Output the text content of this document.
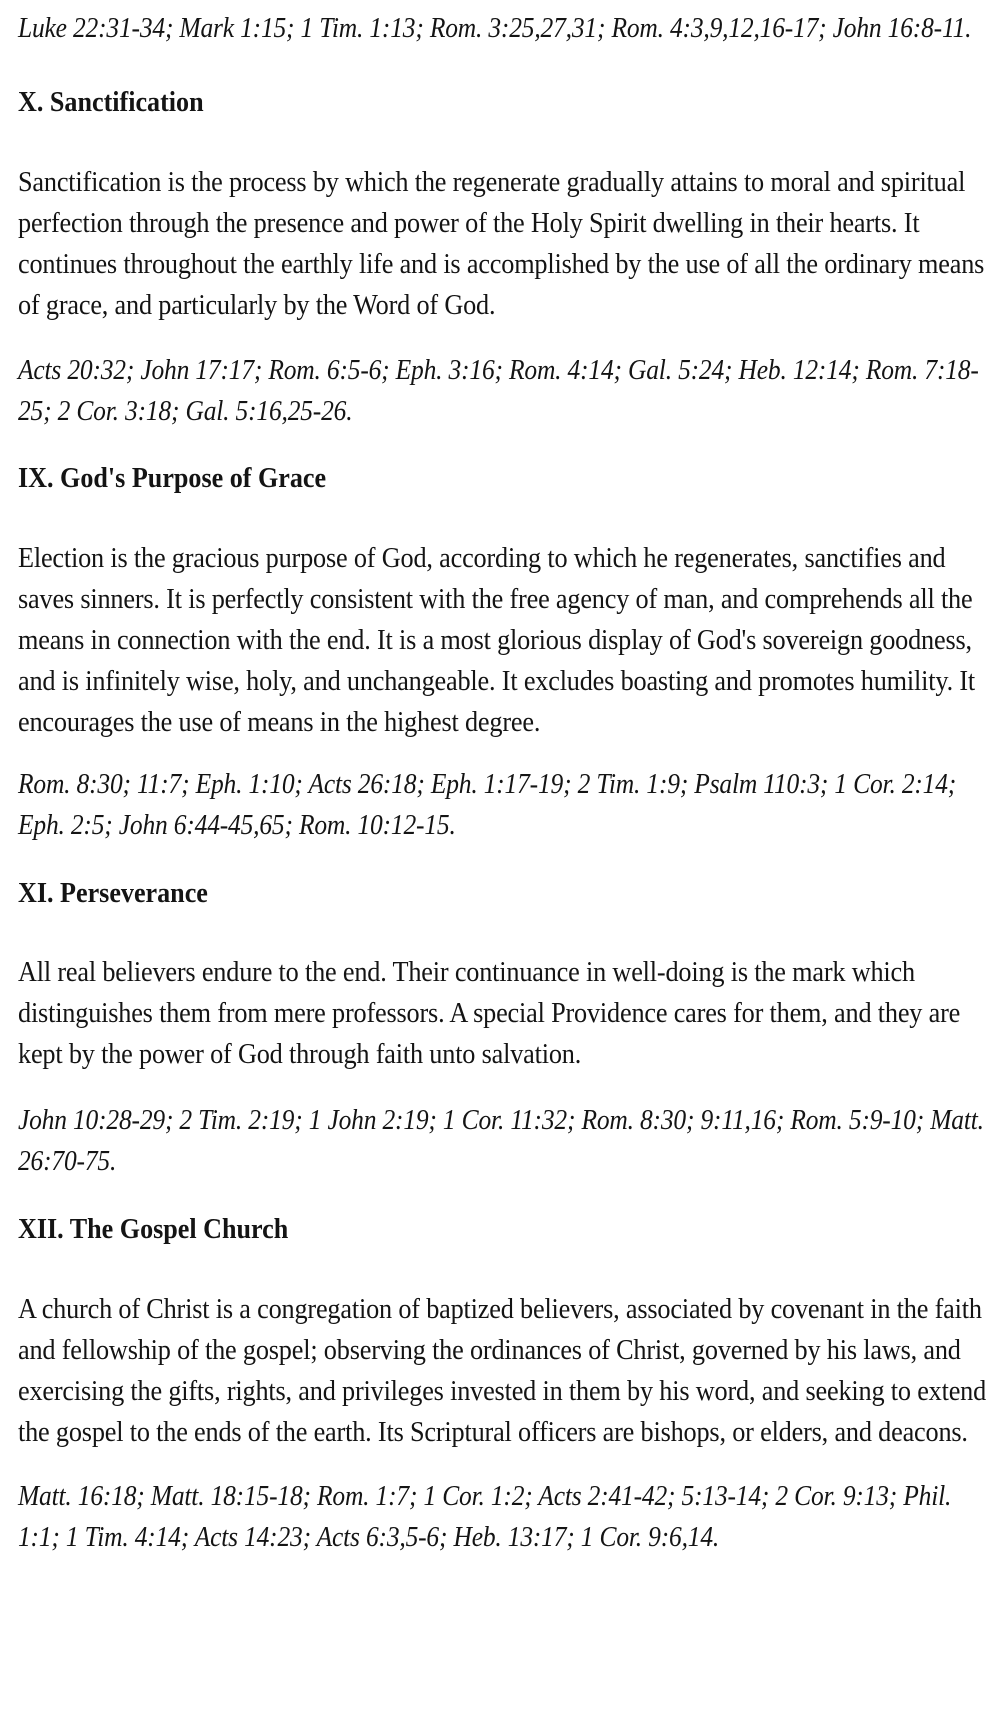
Luke 22:31-34; Mark 1:15; 1 Tim. 1:13; Rom. 3:25,27,31; Rom. 4:3,9,12,16-17; John 16:8-11.

X. Sanctification

Sanctification is the process by which the regenerate gradually attains to moral and spiritual perfection through the presence and power of the Holy Spirit dwelling in their hearts. It continues throughout the earthly life and is accomplished by the use of all the ordinary means of grace, and particularly by the Word of God.

Acts 20:32; John 17:17; Rom. 6:5-6; Eph. 3:16; Rom. 4:14; Gal. 5:24; Heb. 12:14; Rom. 7:18-25; 2 Cor. 3:18; Gal. 5:16,25-26.

IX. God's Purpose of Grace

Election is the gracious purpose of God, according to which he regenerates, sanctifies and saves sinners. It is perfectly consistent with the free agency of man, and comprehends all the means in connection with the end. It is a most glorious display of God's sovereign goodness, and is infinitely wise, holy, and unchangeable. It excludes boasting and promotes humility. It encourages the use of means in the highest degree.

Rom. 8:30; 11:7; Eph. 1:10; Acts 26:18; Eph. 1:17-19; 2 Tim. 1:9; Psalm 110:3; 1 Cor. 2:14; Eph. 2:5; John 6:44-45,65; Rom. 10:12-15.

XI. Perseverance

All real believers endure to the end. Their continuance in well-doing is the mark which distinguishes them from mere professors. A special Providence cares for them, and they are kept by the power of God through faith unto salvation.

John 10:28-29; 2 Tim. 2:19; 1 John 2:19; 1 Cor. 11:32; Rom. 8:30; 9:11,16; Rom. 5:9-10; Matt. 26:70-75.

XII. The Gospel Church

A church of Christ is a congregation of baptized believers, associated by covenant in the faith and fellowship of the gospel; observing the ordinances of Christ, governed by his laws, and exercising the gifts, rights, and privileges invested in them by his word, and seeking to extend the gospel to the ends of the earth. Its Scriptural officers are bishops, or elders, and deacons.

Matt. 16:18; Matt. 18:15-18; Rom. 1:7; 1 Cor. 1:2; Acts 2:41-42; 5:13-14; 2 Cor. 9:13; Phil. 1:1; 1 Tim. 4:14; Acts 14:23; Acts 6:3,5-6; Heb. 13:17; 1 Cor. 9:6,14.
